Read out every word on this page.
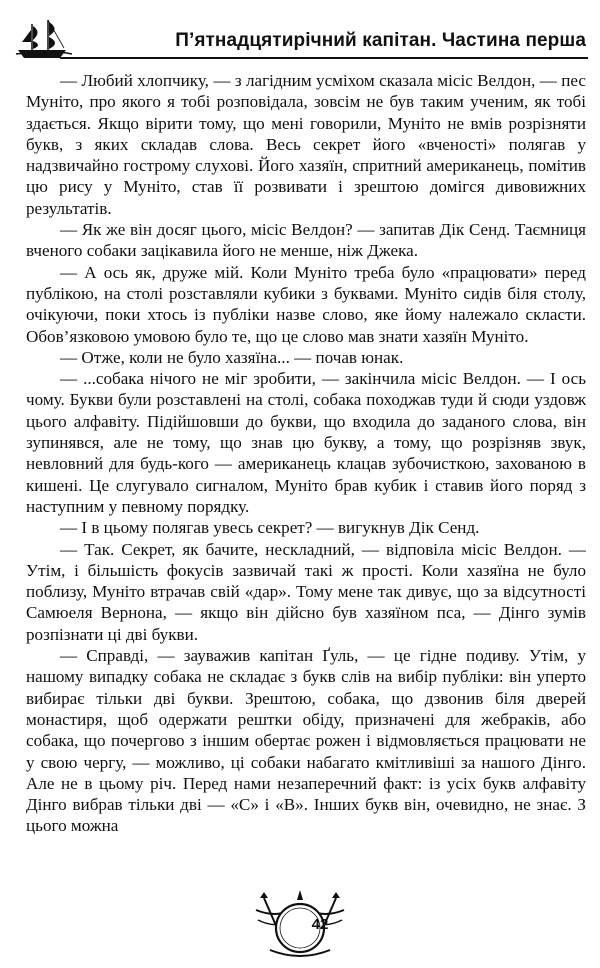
П’ятнадцятирічний капітан. Частина перша

— Любий хлопчику, — з лагідним усміхом сказала місіс Велдон, — пес Муніто, про якого я тобі розповідала, зовсім не був таким ученим, як тобі здається. Якщо вірити тому, що мені говорили, Муніто не вмів розрізняти букв, з яких складав слова. Весь секрет його «вченості» полягав у надзвичайно гострому слухові. Його хазяїн, спритний американець, помітив цю рису у Муніто, став її розвивати і зрештою домігся дивовижних результатів.

— Як же він досяг цього, місіс Велдон? — запитав Дік Сенд. Таємниця вченого собаки зацікавила його не менше, ніж Джека.

— А ось як, друже мій. Коли Муніто треба було «працювати» перед публікою, на столі розставляли кубики з буквами. Муніто сидів біля столу, очікуючи, поки хтось із публіки назве слово, яке йому належало скласти. Обов’язковою умовою було те, що це слово мав знати хазяїн Муніто.

— Отже, коли не було хазяїна... — почав юнак.

— ...собака нічого не міг зробити, — закінчила місіс Велдон. — І ось чому. Букви були розставлені на столі, собака походжав туди й сюди уздовж цього алфавіту. Підійшовши до букви, що входила до заданого слова, він зупинявся, але не тому, що знав цю букву, а тому, що розрізняв звук, невловний для будь-кого — американець клацав зубочисткою, захованою в кишені. Це слугувало сигналом, Муніто брав кубик і ставив його поряд з наступним у певному порядку.

— І в цьому полягав увесь секрет? — вигукнув Дік Сенд.

— Так. Секрет, як бачите, нескладний, — відповіла місіс Велдон. — Утім, і більшість фокусів зазвичай такі ж прості. Коли хазяїна не було поблизу, Муніто втрачав свій «дар». Тому мене так дивує, що за відсутності Самюеля Вернона, — якщо він дійсно був хазяїном пса, — Дінго зумів розпізнати ці дві букви.

— Справді, — зауважив капітан Ґуль, — це гідне подиву. Утім, у нашому випадку собака не складає з букв слів на вибір публіки: він уперто вибирає тільки дві букви. Зрештою, собака, що дзвонив біля дверей монастиря, щоб одержати рештки обіду, призначені для жебраків, або собака, що почергово з іншим обертає рожен і відмовляється працювати не у свою чергу, — можливо, ці собаки набагато кмітливіші за нашого Дінго. Але не в цьому річ. Перед нами незаперечний факт: із усіх букв алфавіту Дінго вибрав тільки дві — «С» і «В». Інших букв він, очевидно, не знає. З цього можна

42
